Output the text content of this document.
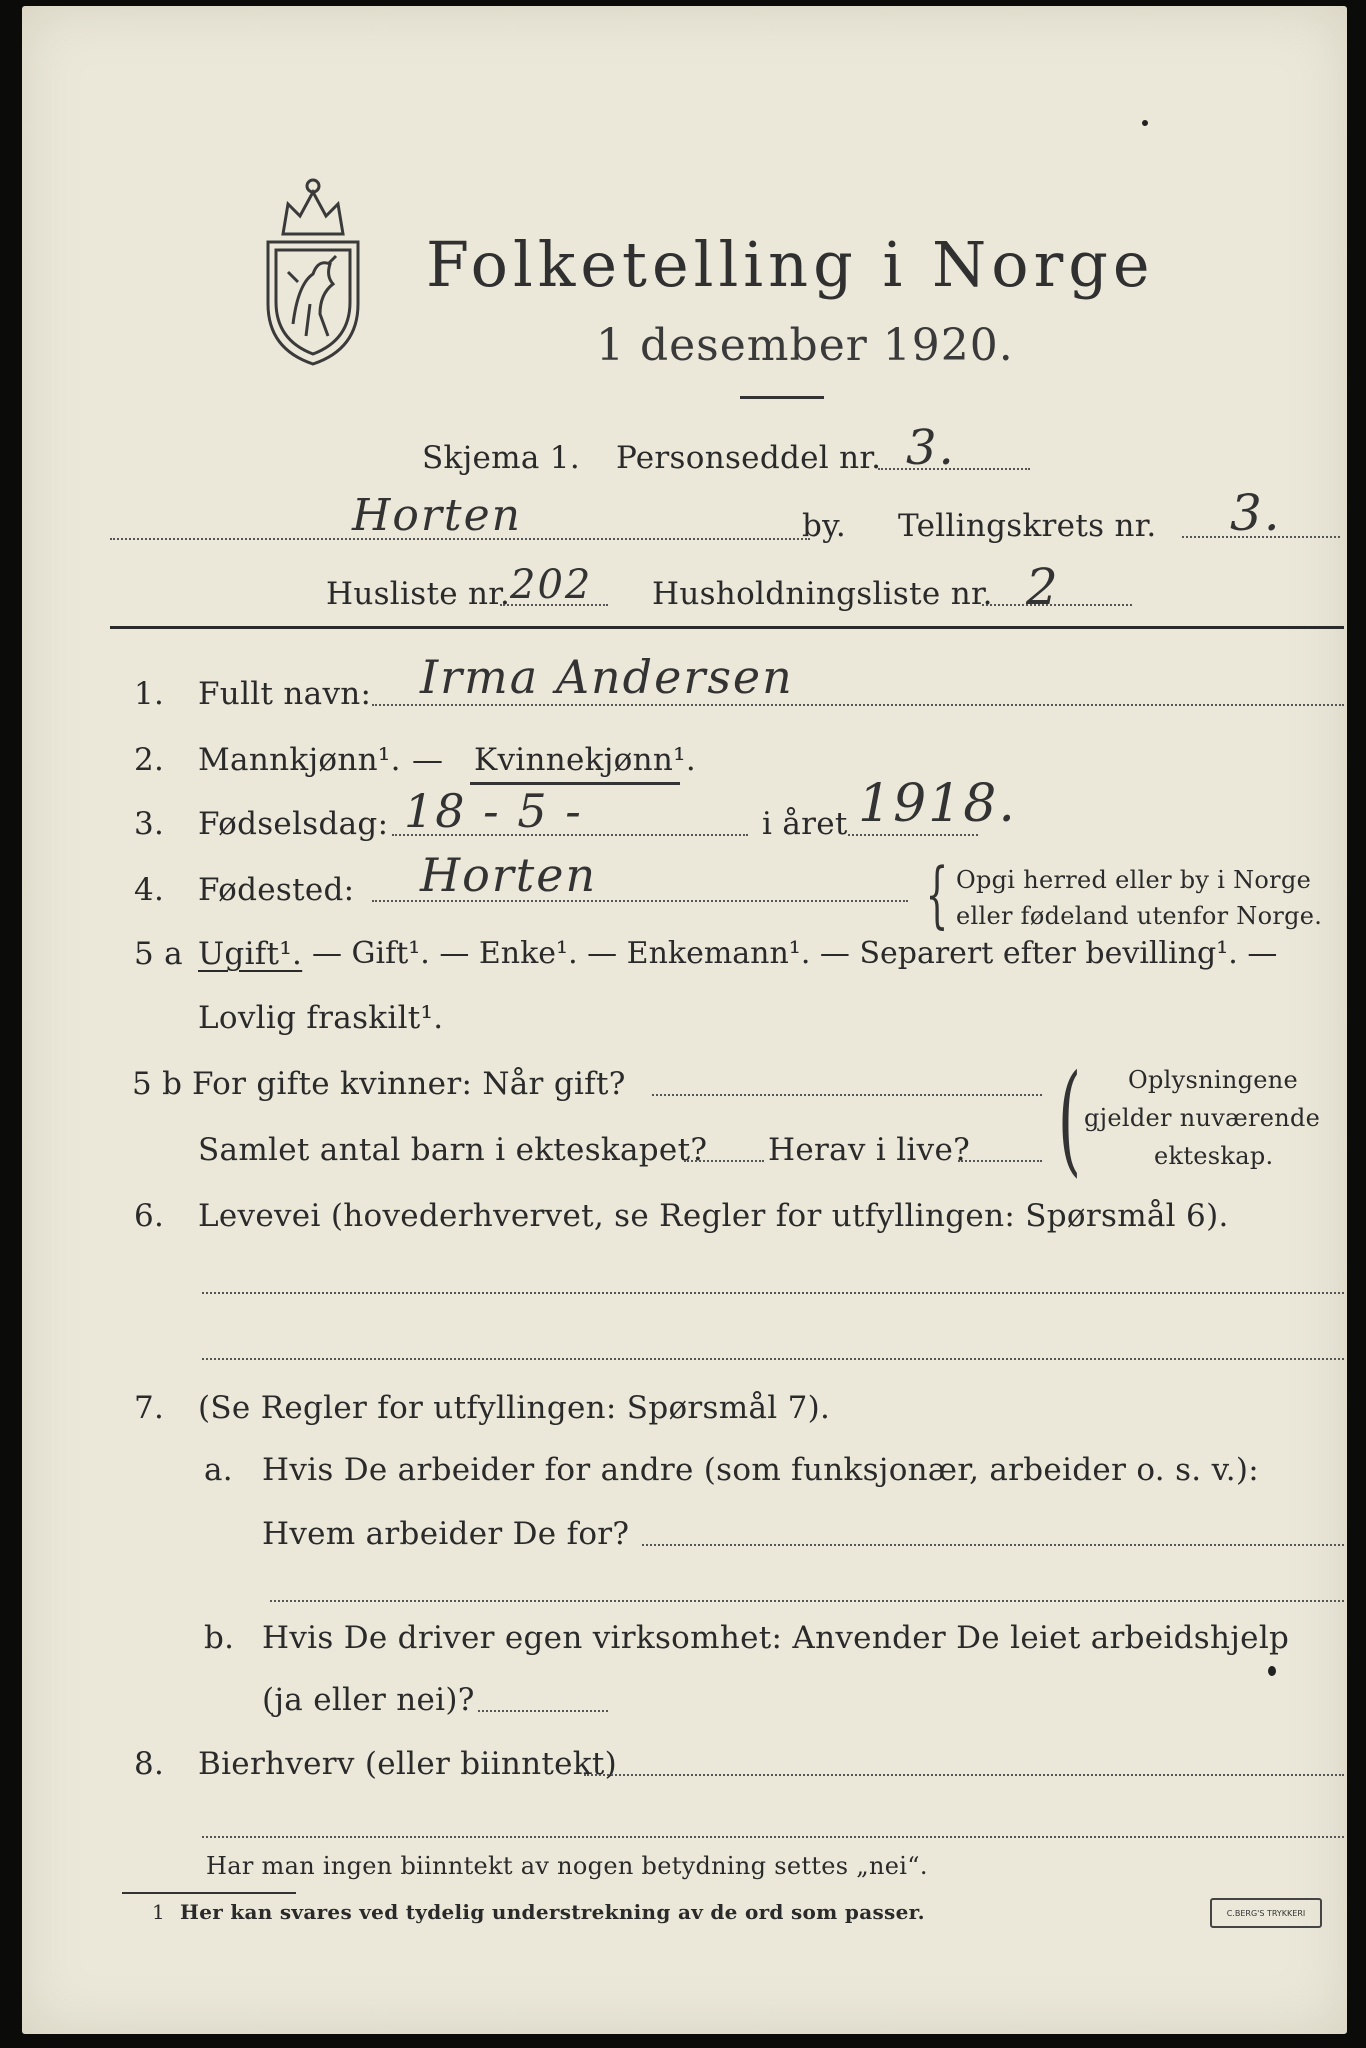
Folketelling i Norge
1 desember 1920.
Skjema 1. Personseddel nr. 3.
Horten	by. Tellingskrets nr. 3.
Husliste nr. 202 Husholdningsliste nr. 2
1. Fullt navn: Irma Andersen
2. Mannkjønn¹. — Kvinnekjønn¹.
3. Fødselsdag: 18 - 5 -	i året 1918.
4. Fødested: Horten	{ Opgi herred eller by i Norge
eller fødeland utenfor Norge.
5 a Ugift¹. — Gift¹. — Enke¹. — Enkemann¹. — Separert efter bevilling¹. —
Lovlig fraskilt¹.
5 b For gifte kvinner: Når gift?
Samlet antal barn i ekteskapet? Herav i live? ( Oplysningene
gjelder nuværende
ekteskap.
6. Levevei (hovederhvervet, se Regler for utfyllingen: Spørsmål 6).
7. (Se Regler for utfyllingen: Spørsmål 7).
a. Hvis De arbeider for andre (som funksjonær, arbeider o. s. v.):
Hvem arbeider De for?
b. Hvis De driver egen virksomhet: Anvender De leiet arbeidshjelp
(ja eller nei)?
8. Bierhverv (eller biinntekt)
Har man ingen biinntekt av nogen betydning settes „nei“.
1 Her kan svares ved tydelig understrekning av de ord som passer.	C.BERG'S TRYKKERI
